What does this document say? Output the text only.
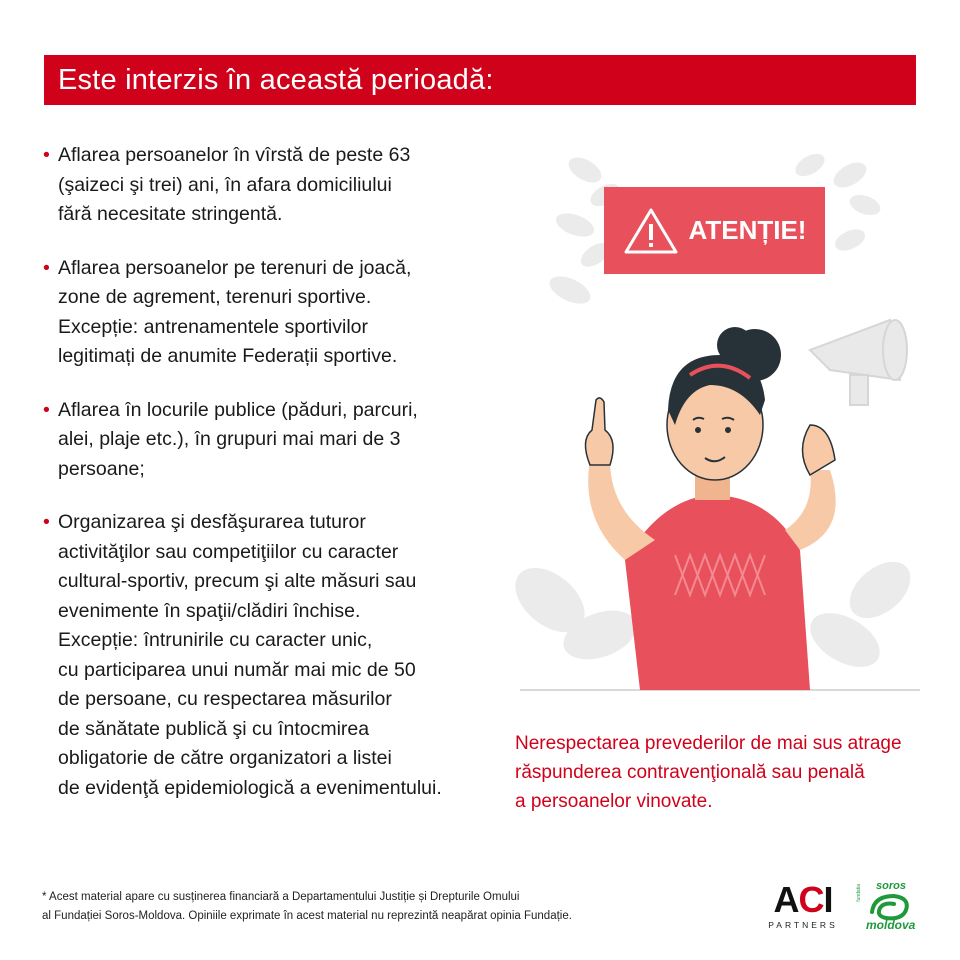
Este interzis în această perioadă:
• Aflarea persoanelor în vîrstă de peste 63
(şaizeci şi trei) ani, în afara domiciliului
fără necesitate stringentă.
• Aflarea persoanelor pe terenuri de joacă,
zone de agrement, terenuri sportive.
Excepție: antrenamentele sportivilor
legitimați de anumite Federații sportive.
• Aflarea în locurile publice (păduri, parcuri,
alei, plaje etc.), în grupuri mai mari de 3
persoane;
• Organizarea şi desfăşurarea tuturor
activităţilor sau competiţiilor cu caracter
cultural-sportiv, precum şi alte măsuri sau
evenimente în spaţii/clădiri închise.
Excepție: întrunirile cu caracter unic,
cu participarea unui număr mai mic de 50
de persoane, cu respectarea măsurilor
de sănătate publică şi cu întocmirea
obligatorie de către organizatori a listei
de evidenţă epidemiologică a evenimentului.
ATENȚIE!
Nerespectarea prevederilor de mai sus atrage
răspunderea contravenţională sau penală
a persoanelor vinovate.
* Acest material apare cu susținerea financiară a Departamentului Justiție și Drepturile Omului
al Fundației Soros-Moldova. Opiniile exprimate în acest material nu reprezintă neapărat opinia Fundație.	ACI
PARTNERS
fundatia soros
moldova
